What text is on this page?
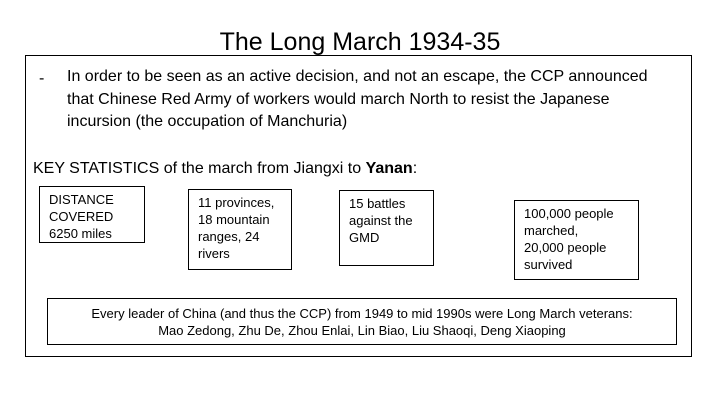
The Long March 1934-35
- In order to be seen as an active decision, and not an escape, the CCP announced that Chinese Red Army of workers would march North to resist the Japanese incursion (the occupation of Manchuria)
KEY STATISTICS of the march from Jiangxi to Yanan:
DISTANCE
COVERED
6250 miles
11 provinces,
18 mountain
ranges, 24
rivers
15 battles
against the
GMD
100,000 people
marched,
20,000 people
survived
Every leader of China (and thus the CCP) from 1949 to mid 1990s were Long March veterans:
Mao Zedong, Zhu De, Zhou Enlai, Lin Biao, Liu Shaoqi, Deng Xiaoping
